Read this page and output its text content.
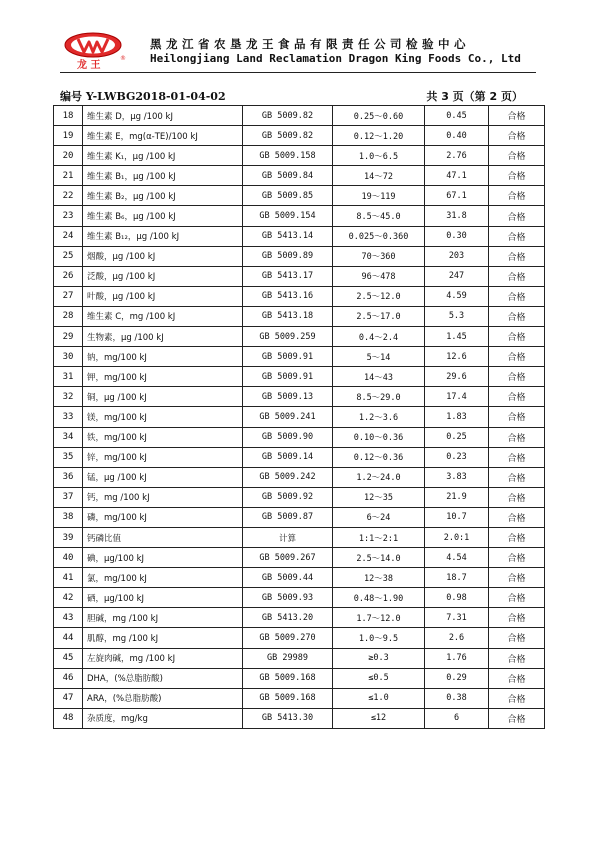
龙 王
®
黑龙江省农垦龙王食品有限责任公司检验中心
Heilongjiang Land Reclamation Dragon King Foods Co., Ltd
编号 Y-LWBG2018-01-04-02	共 3 页（第 2 页）
18	维生素 D，μg /100 kJ	GB 5009.82	0.25～0.60	0.45	合格
19	维生素 E，mg(α-TE)/100 kJ	GB 5009.82	0.12～1.20	0.40	合格
20	维生素 K₁，μg /100 kJ	GB 5009.158	1.0～6.5	2.76	合格
21	维生素 B₁，μg /100 kJ	GB 5009.84	14～72	47.1	合格
22	维生素 B₂，μg /100 kJ	GB 5009.85	19～119	67.1	合格
23	维生素 B₆，μg /100 kJ	GB 5009.154	8.5～45.0	31.8	合格
24	维生素 B₁₂，μg /100 kJ	GB 5413.14	0.025～0.360	0.30	合格
25	烟酸，μg /100 kJ	GB 5009.89	70～360	203	合格
26	泛酸，μg /100 kJ	GB 5413.17	96～478	247	合格
27	叶酸，μg /100 kJ	GB 5413.16	2.5～12.0	4.59	合格
28	维生素 C，mg /100 kJ	GB 5413.18	2.5～17.0	5.3	合格
29	生物素，μg /100 kJ	GB 5009.259	0.4～2.4	1.45	合格
30	钠，mg/100 kJ	GB 5009.91	5～14	12.6	合格
31	钾，mg/100 kJ	GB 5009.91	14～43	29.6	合格
32	铜，μg /100 kJ	GB 5009.13	8.5～29.0	17.4	合格
33	镁，mg/100 kJ	GB 5009.241	1.2～3.6	1.83	合格
34	铁，mg/100 kJ	GB 5009.90	0.10～0.36	0.25	合格
35	锌，mg/100 kJ	GB 5009.14	0.12～0.36	0.23	合格
36	锰，μg /100 kJ	GB 5009.242	1.2～24.0	3.83	合格
37	钙，mg /100 kJ	GB 5009.92	12～35	21.9	合格
38	磷，mg/100 kJ	GB 5009.87	6～24	10.7	合格
39	钙磷比值	计算	1:1～2:1	2.0:1	合格
40	碘，μg/100 kJ	GB 5009.267	2.5～14.0	4.54	合格
41	氯，mg/100 kJ	GB 5009.44	12～38	18.7	合格
42	硒，μg/100 kJ	GB 5009.93	0.48～1.90	0.98	合格
43	胆碱，mg /100 kJ	GB 5413.20	1.7～12.0	7.31	合格
44	肌醇，mg /100 kJ	GB 5009.270	1.0～9.5	2.6	合格
45	左旋肉碱，mg /100 kJ	GB 29989	≥0.3	1.76	合格
46	DHA，(%总脂肪酸)	GB 5009.168	≤0.5	0.29	合格
47	ARA，(%总脂肪酸)	GB 5009.168	≤1.0	0.38	合格
48	杂质度，mg/kg	GB 5413.30	≤12	6	合格
